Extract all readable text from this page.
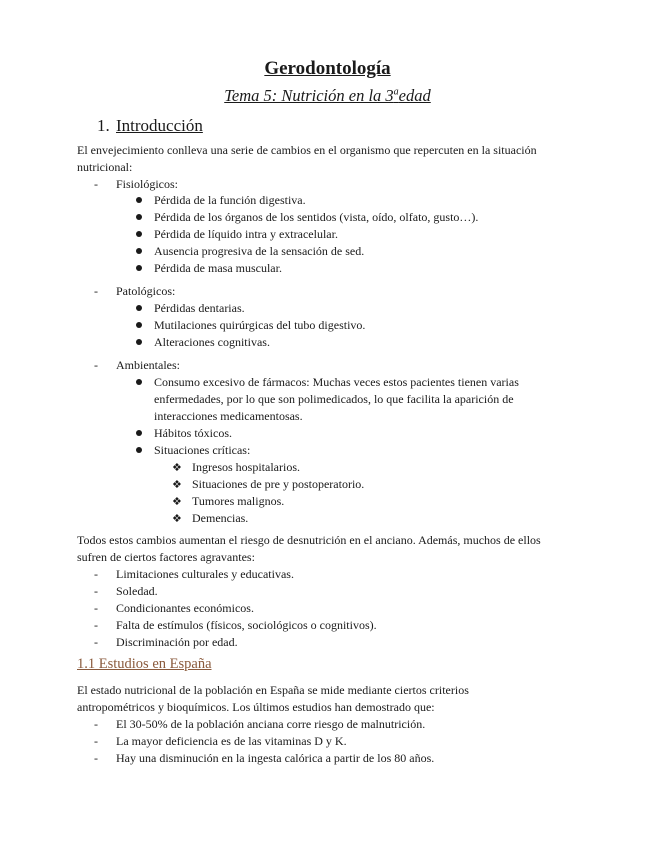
Gerodontología
Tema 5: Nutrición en la 3$^a$edad
1. Introducción
El envejecimiento conlleva una serie de cambios en el organismo que repercuten en la situación
nutricional:
- Fisiológicos:
Pérdida de la función digestiva.
Pérdida de los órganos de los sentidos (vista, oído, olfato, gusto…).
Pérdida de líquido intra y extracelular.
Ausencia progresiva de la sensación de sed.
Pérdida de masa muscular.
- Patológicos:
Pérdidas dentarias.
Mutilaciones quirúrgicas del tubo digestivo.
Alteraciones cognitivas.
- Ambientales:
Consumo excesivo de fármacos: Muchas veces estos pacientes tienen varias
enfermedades, por lo que son polimedicados, lo que facilita la aparición de
interacciones medicamentosas.
Hábitos tóxicos.
Situaciones críticas:
❖ Ingresos hospitalarios.
❖ Situaciones de pre y postoperatorio.
❖ Tumores malignos.
❖ Demencias.
Todos estos cambios aumentan el riesgo de desnutrición en el anciano. Además, muchos de ellos
sufren de ciertos factores agravantes:
- Limitaciones culturales y educativas.
- Soledad.
- Condicionantes económicos.
- Falta de estímulos (físicos, sociológicos o cognitivos).
- Discriminación por edad.
1.1 Estudios en España
El estado nutricional de la población en España se mide mediante ciertos criterios
antropométricos y bioquímicos. Los últimos estudios han demostrado que:
- El 30-50% de la población anciana corre riesgo de malnutrición.
- La mayor deficiencia es de las vitaminas D y K.
- Hay una disminución en la ingesta calórica a partir de los 80 años.
